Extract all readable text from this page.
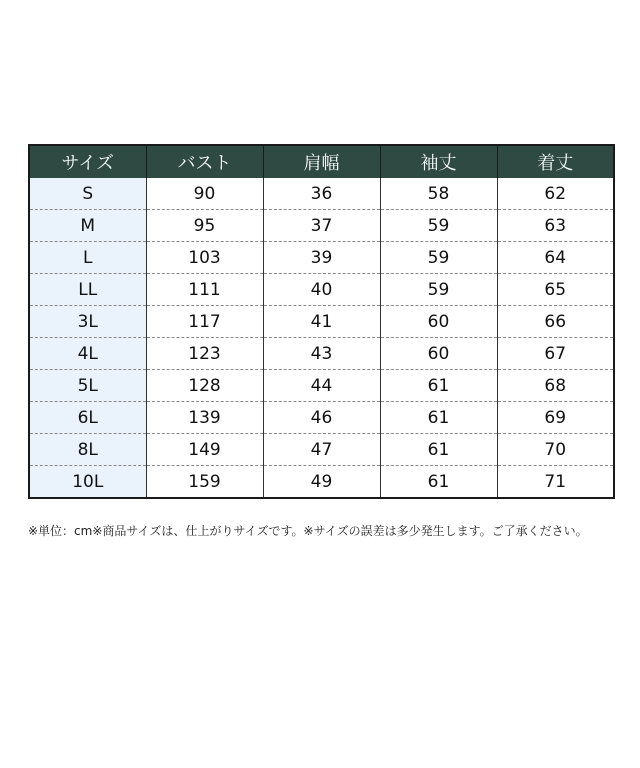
サイズ	バスト	肩幅	袖丈	着丈
S	90	36	58	62
M	95	37	59	63
L	103	39	59	64
LL	111	40	59	65
3L	117	41	60	66
4L	123	43	60	67
5L	128	44	61	68
6L	139	46	61	69
8L	149	47	61	70
10L	159	49	61	71
※単位：cm※商品サイズは、仕上がりサイズです。※サイズの誤差は多少発生します。ご了承ください。
